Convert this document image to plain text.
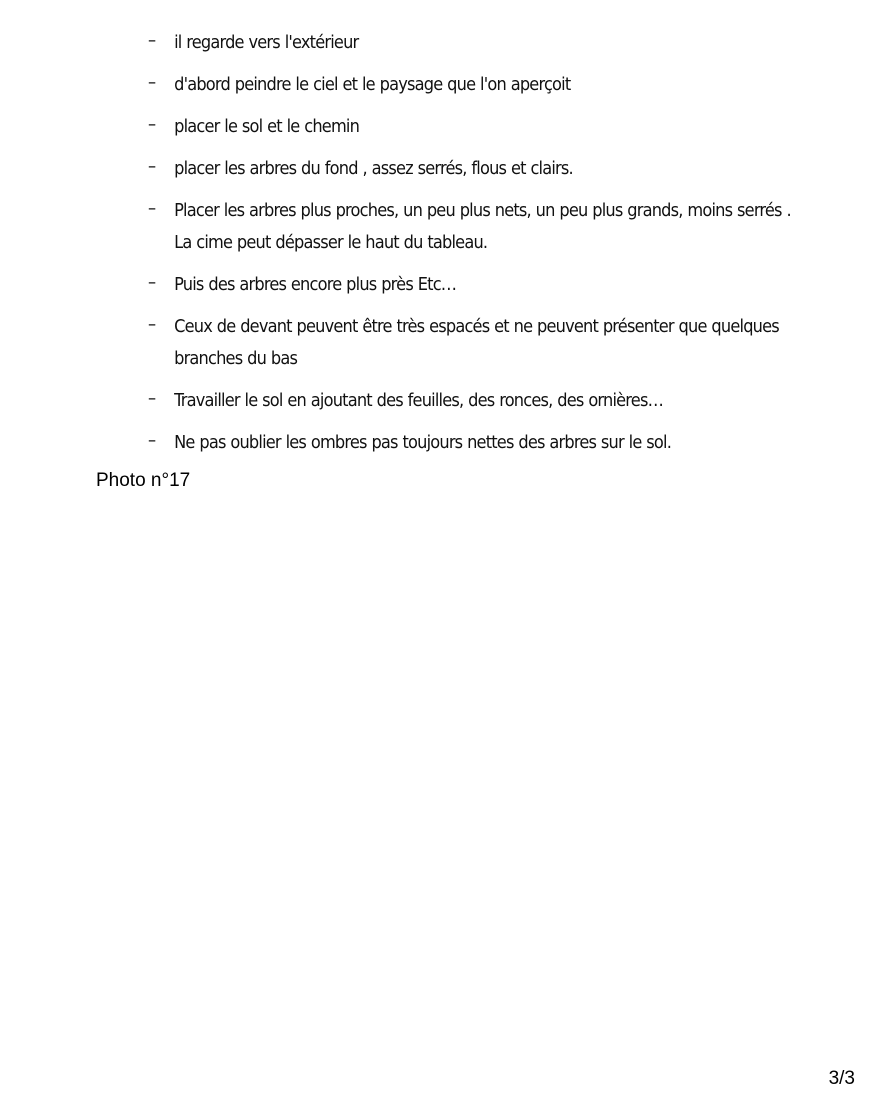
–	il regarde vers l'extérieur
–	d'abord peindre le ciel et le paysage que l'on aperçoit
–	placer le sol et le chemin
–	placer les arbres du fond , assez serrés, flous et clairs.
–	Placer les arbres plus proches, un peu plus nets, un peu plus grands, moins serrés . La cime peut dépasser le haut du tableau.
–	Puis des arbres encore plus près Etc…
–	Ceux de devant peuvent être très espacés et ne peuvent présenter que quelques branches du bas
–	Travailler le sol en ajoutant des feuilles, des ronces, des ornières…
–	Ne pas oublier les ombres pas toujours nettes des arbres sur le sol.

Photo n°17

3/3
